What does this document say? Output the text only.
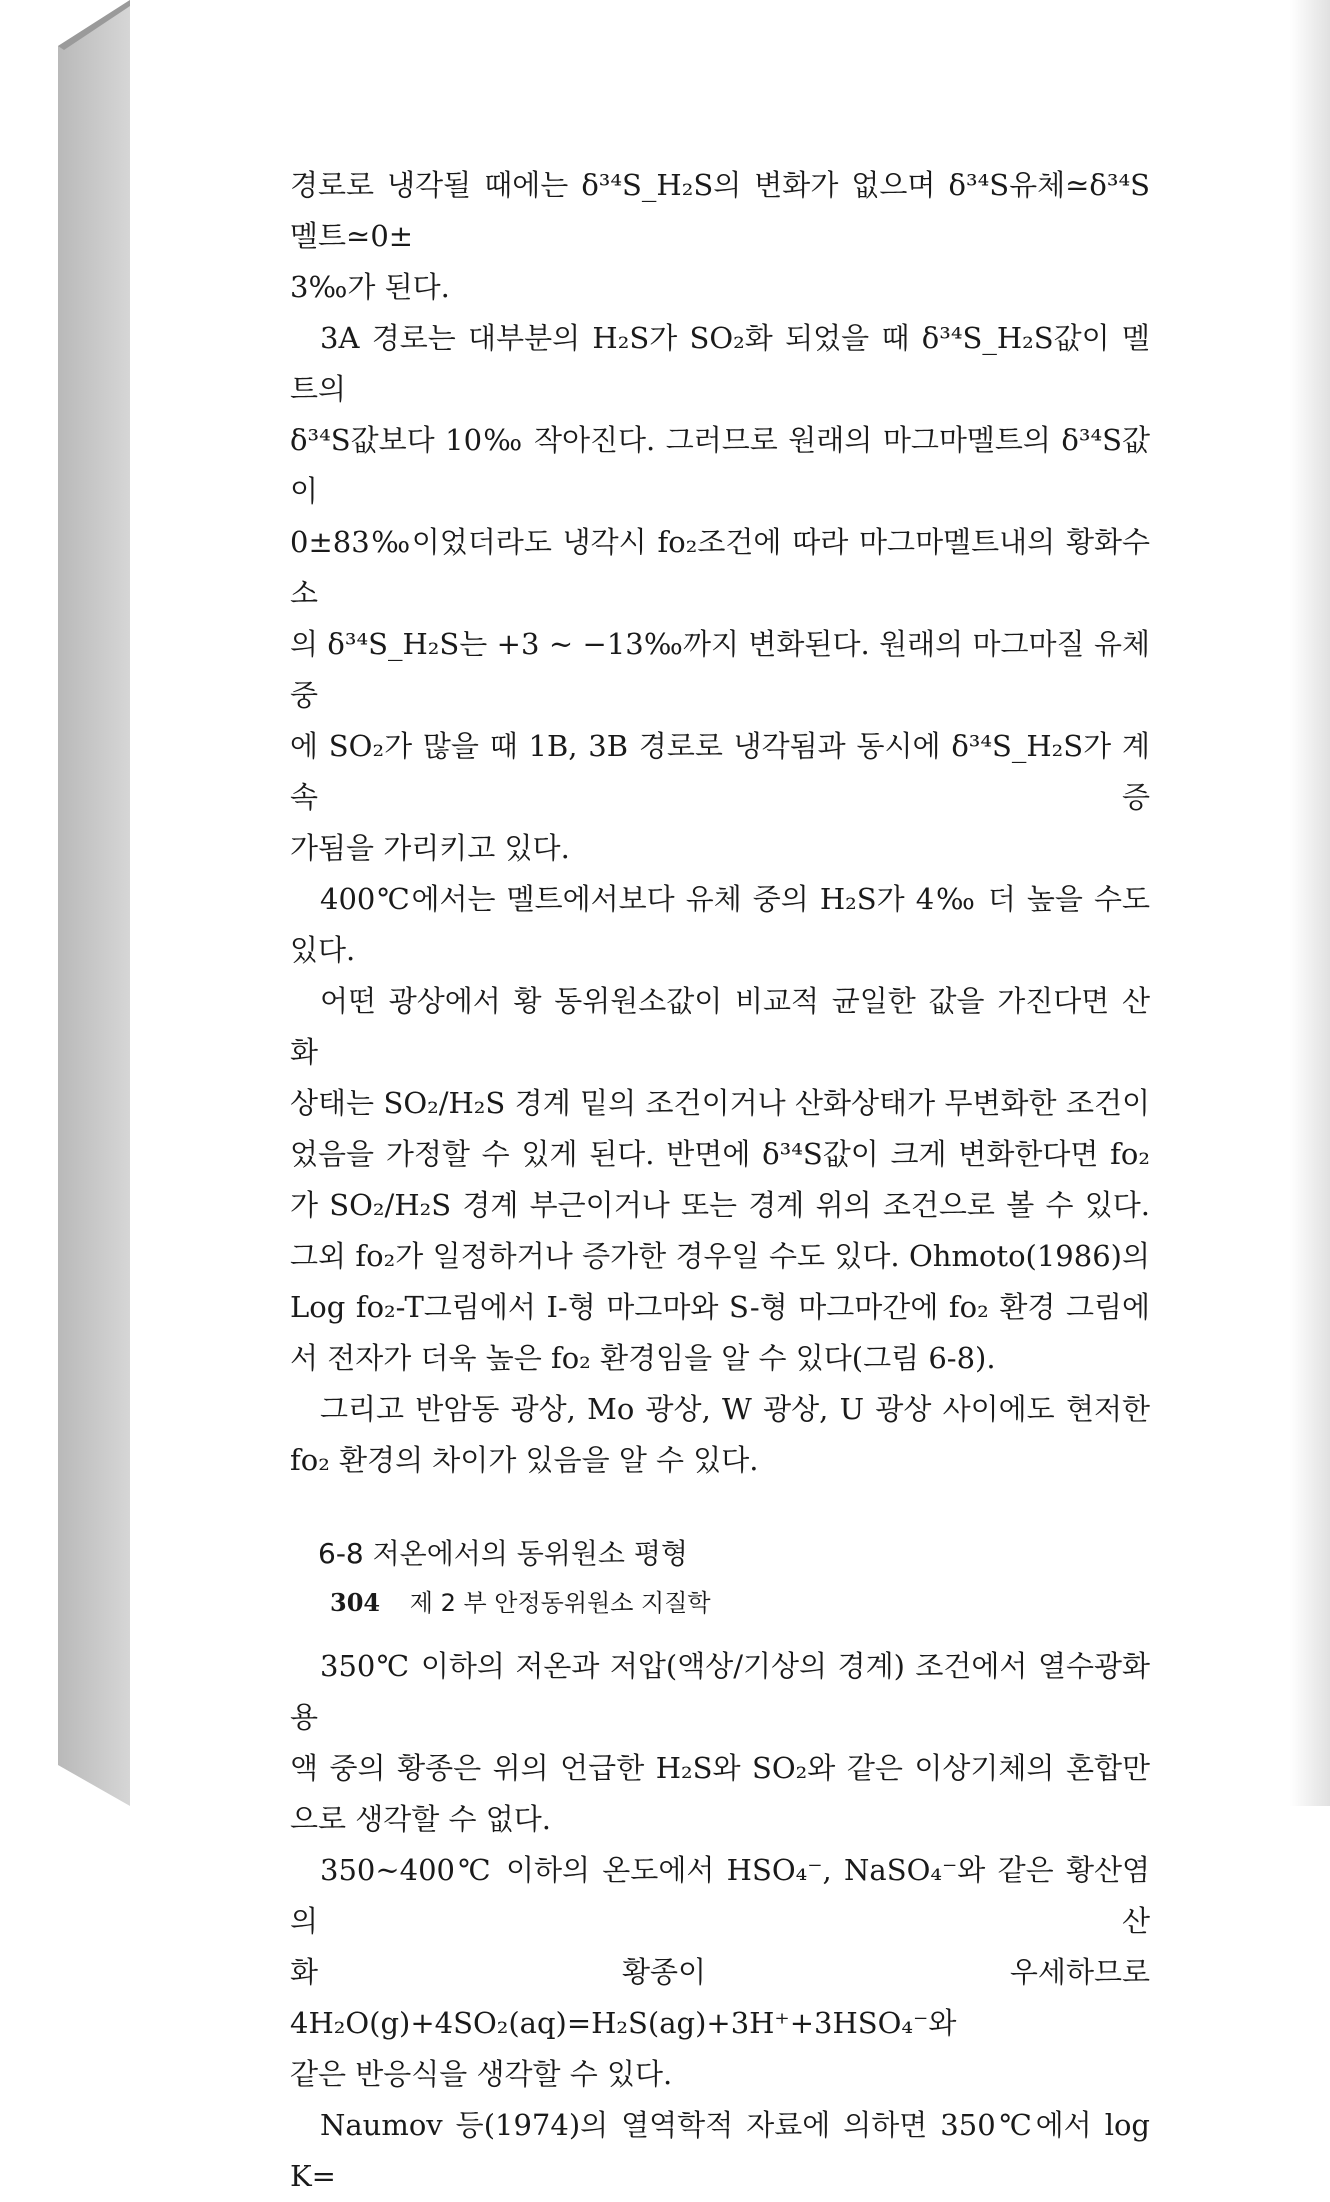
경로로 냉각될 때에는 δ³⁴S_H₂S의 변화가 없으며 δ³⁴S유체≃δ³⁴S멜트≃0±

3‰가 된다.

3A 경로는 대부분의 H₂S가 SO₂화 되었을 때 δ³⁴S_H₂S값이 멜트의

δ³⁴S값보다 10‰ 작아진다. 그러므로 원래의 마그마멜트의 δ³⁴S값이

0±83‰이었더라도 냉각시 fo₂조건에 따라 마그마멜트내의 황화수소

의 δ³⁴S_H₂S는 +3 ~ −13‰까지 변화된다. 원래의 마그마질 유체 중

에 SO₂가 많을 때 1B, 3B 경로로 냉각됨과 동시에 δ³⁴S_H₂S가 계속 증

가됨을 가리키고 있다.

400℃에서는 멜트에서보다 유체 중의 H₂S가 4‰ 더 높을 수도 있다.

어떤 광상에서 황 동위원소값이 비교적 균일한 값을 가진다면 산화

상태는 SO₂/H₂S 경계 밑의 조건이거나 산화상태가 무변화한 조건이

었음을 가정할 수 있게 된다. 반면에 δ³⁴S값이 크게 변화한다면 fo₂

가 SO₂/H₂S 경계 부근이거나 또는 경계 위의 조건으로 볼 수 있다.

그외 fo₂가 일정하거나 증가한 경우일 수도 있다. Ohmoto(1986)의

Log fo₂-T그림에서 I-형 마그마와 S-형 마그마간에 fo₂ 환경 그림에

서 전자가 더욱 높은 fo₂ 환경임을 알 수 있다(그림 6-8).

그리고 반암동 광상, Mo 광상, W 광상, U 광상 사이에도 현저한

fo₂ 환경의 차이가 있음을 알 수 있다.

6-8 저온에서의 동위원소 평형

350℃ 이하의 저온과 저압(액상/기상의 경계) 조건에서 열수광화용

액 중의 황종은 위의 언급한 H₂S와 SO₂와 같은 이상기체의 혼합만

으로 생각할 수 없다.

350~400℃ 이하의 온도에서 HSO₄⁻, NaSO₄⁻와 같은 황산염의 산

화 황종이 우세하므로 4H₂O(g)+4SO₂(aq)=H₂S(ag)+3H⁺+3HSO₄⁻와

같은 반응식을 생각할 수 있다.

Naumov 등(1974)의 열역학적 자료에 의하면 350℃에서 log K=

304 제 2 부 안정동위원소 지질학
